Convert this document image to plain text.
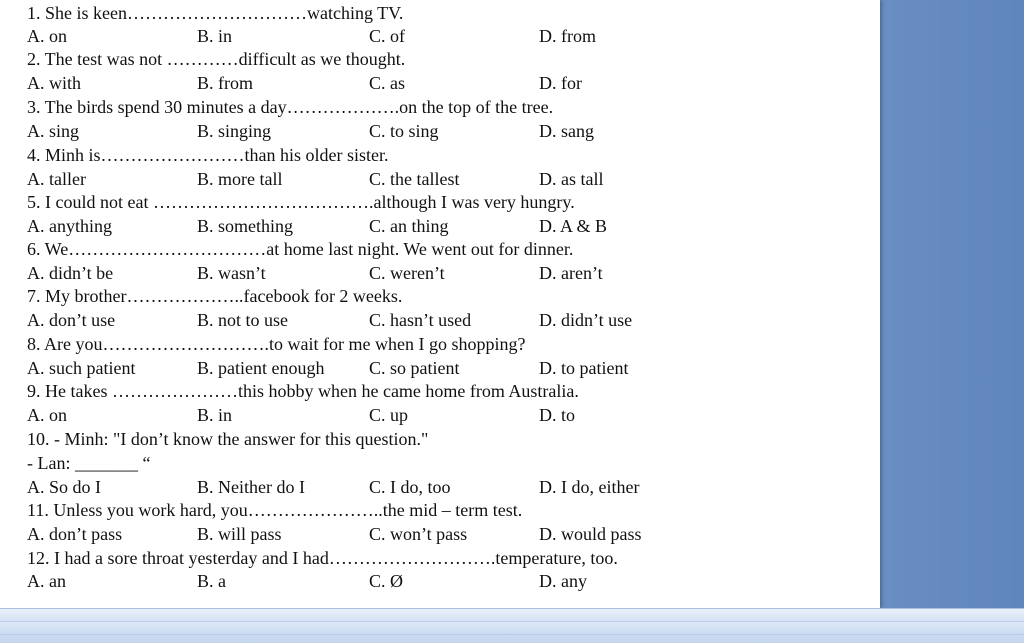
1. She is keen…………………………watching TV.
A. on	B. in	C. of	D. from
2. The test was not …………difficult as we thought.
A. with	B. from	C. as	D. for
3. The birds spend 30 minutes a day……………….on the top of the tree.
A. sing	B. singing	C. to sing	D. sang
4. Minh is……………………than his older sister.
A. taller	B. more tall	C. the tallest	D. as tall
5. I could not eat ……………………………….although I was very hungry.
A. anything	B. something	C. an thing	D. A & B
6. We……………………………at home last night. We went out for dinner.
A. didn’t be	B. wasn’t	C. weren’t	D. aren’t
7. My brother………………..facebook for 2 weeks.
A. don’t use	B. not to use	C. hasn’t used	D. didn’t use
8. Are you……………………….to wait for me when I go shopping?
A. such patient	B. patient enough C. so patient	D. to patient
9. He takes …………………this hobby when he came home from Australia.
A. on	B. in	C. up	D. to
10. - Minh: "I don’t know the answer for this question."
- Lan: _______ “
A. So do I	B. Neither do I	C. I do, too	D. I do, either
11. Unless you work hard, you…………………..the mid – term test.
A. don’t pass	B. will pass	C. won’t pass	D. would pass
12. I had a sore throat yesterday and I had……………………….temperature, too.
A. an	B. a	C. Ø	D. any
